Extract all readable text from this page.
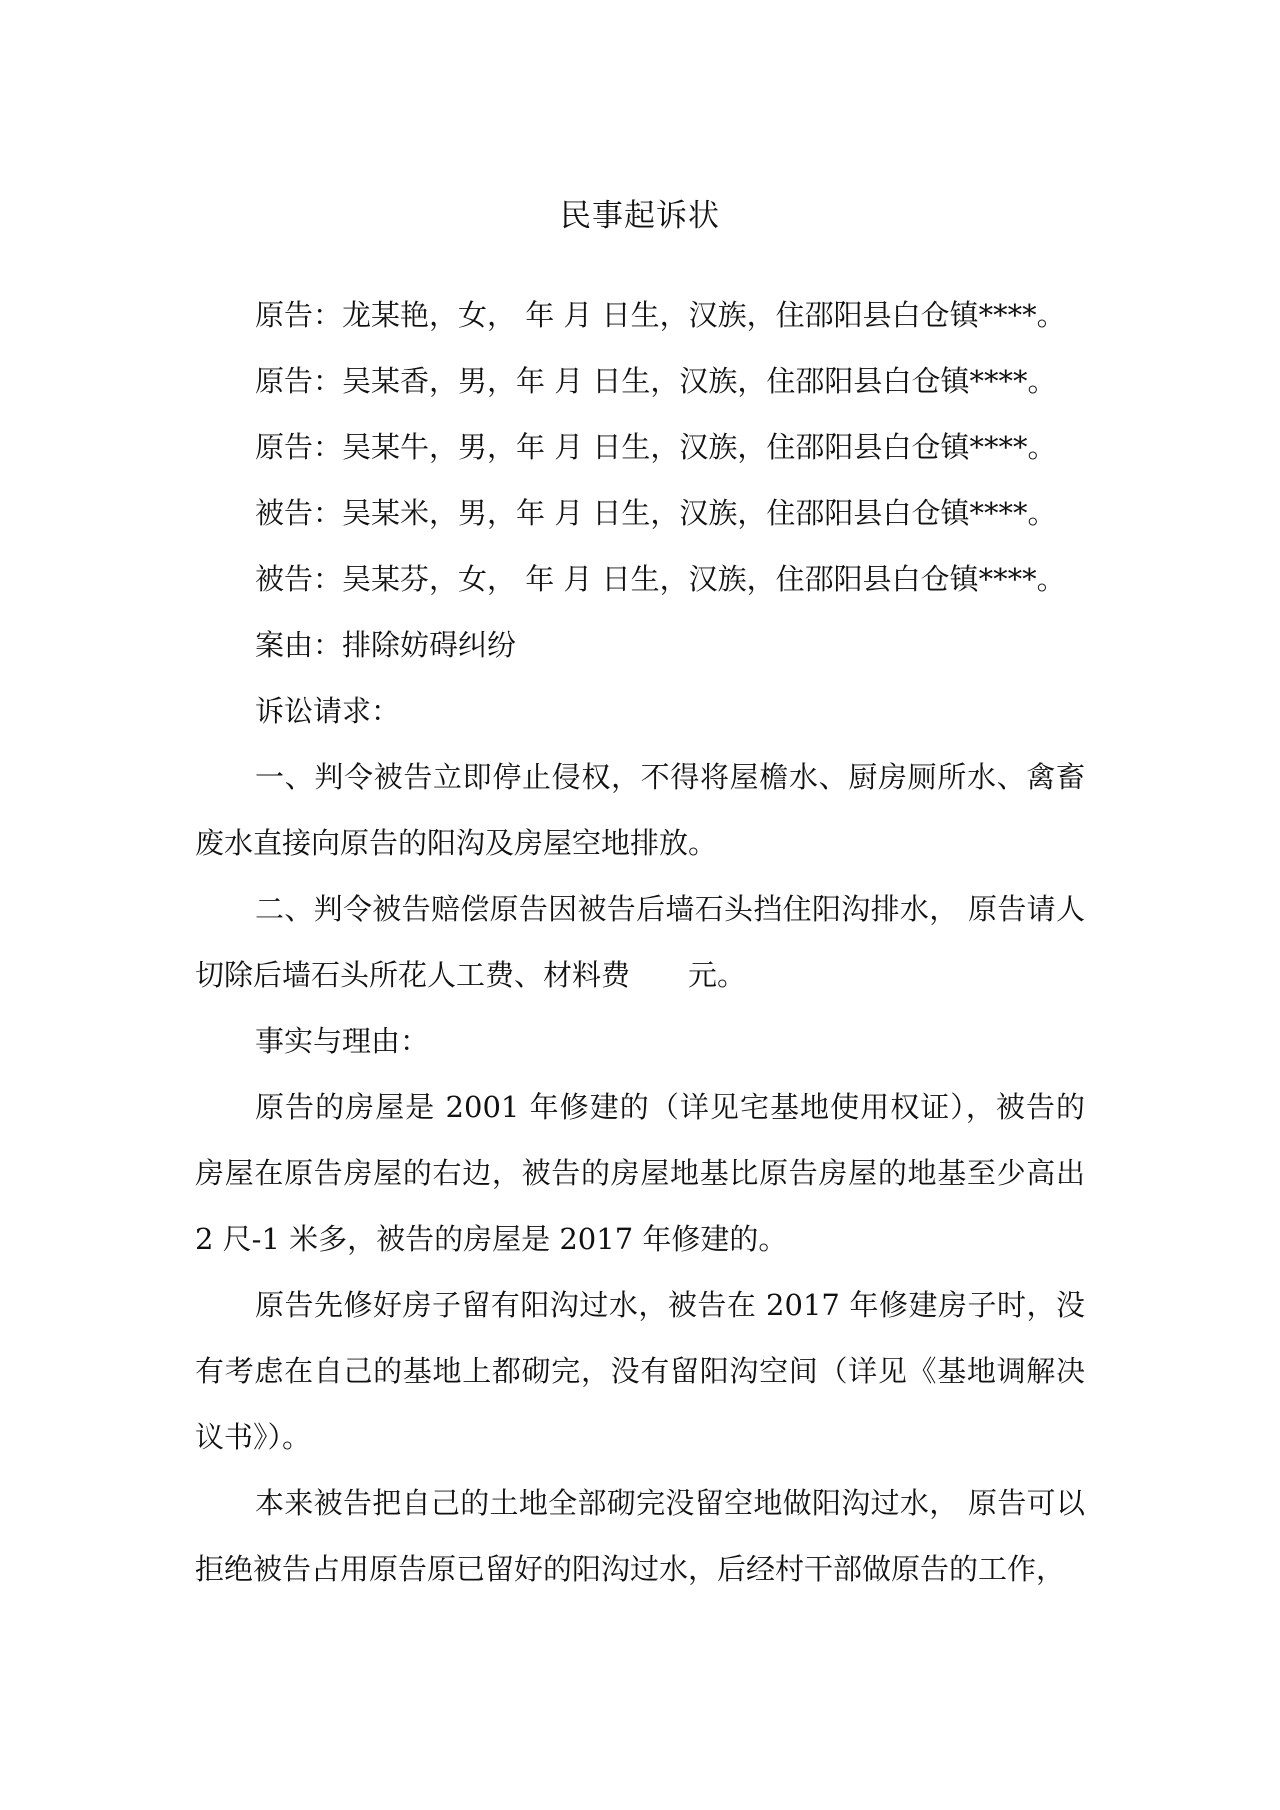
民事起诉状

原告：龙某艳，女， 年 月 日生，汉族，住邵阳县白仓镇****。

原告：吴某香，男，年 月 日生，汉族，住邵阳县白仓镇****。

原告：吴某牛，男，年 月 日生，汉族，住邵阳县白仓镇****。

被告：吴某米，男，年 月 日生，汉族，住邵阳县白仓镇****。

被告：吴某芬，女， 年 月 日生，汉族，住邵阳县白仓镇****。

案由：排除妨碍纠纷

诉讼请求：

一、判令被告立即停止侵权，不得将屋檐水、厨房厕所水、禽畜废水直接向原告的阳沟及房屋空地排放。

二、判令被告赔偿原告因被告后墙石头挡住阳沟排水， 原告请人切除后墙石头所花人工费、材料费　　元。

事实与理由：

原告的房屋是 2001 年修建的（详见宅基地使用权证），被告的房屋在原告房屋的右边，被告的房屋地基比原告房屋的地基至少高出 2 尺-1 米多，被告的房屋是 2017 年修建的。

原告先修好房子留有阳沟过水，被告在 2017 年修建房子时，没有考虑在自己的基地上都砌完，没有留阳沟空间（详见《基地调解决议书》）。

本来被告把自己的土地全部砌完没留空地做阳沟过水， 原告可以拒绝被告占用原告原已留好的阳沟过水，后经村干部做原告的工作，
